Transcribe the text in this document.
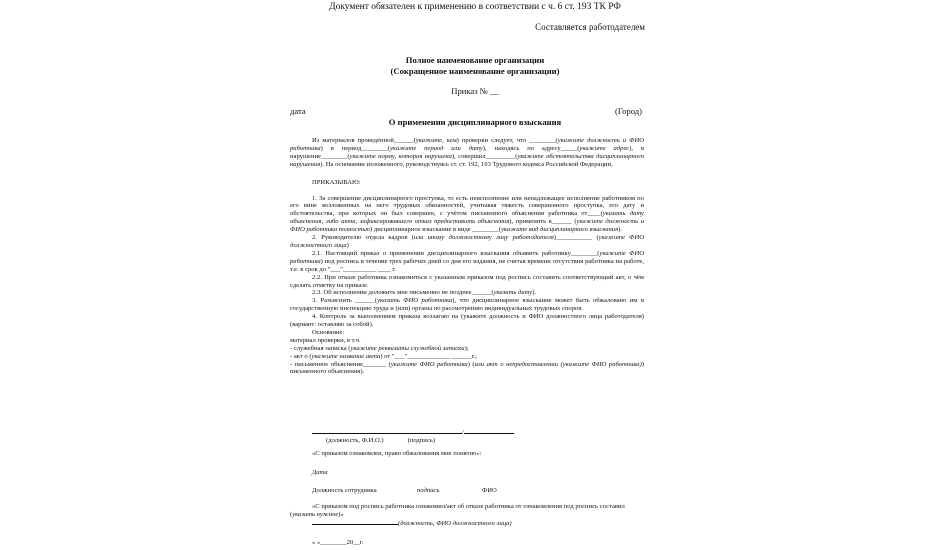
Документ обязателен к применению в соответствии с ч. 6 ст. 193 ТК РФ
Составляется работодателем
Полное наименование организации
(Сокращенное наименование организации)
Приказ № __
дата	(Город)
О применении дисциплинарного взыскания

Из материалов проведённой______(укажите, кем) проверки следует, что ________(укажите должность и ФИО работника) в период________(укажите период или дату), находясь по адресу_____(укажите адрес), в нарушение________(укажите норму, которая нарушена), совершил_________(укажите обстоятельства дисциплинарного нарушения). На основании изложенного, руководствуясь ст. ст. 192, 193 Трудового кодекса Российской Федерации,

ПРИКАЗЫВАЮ:

1. За совершение дисциплинарного проступка, то есть неисполнение или ненадлежащее исполнение работником по его вине возложенных на него трудовых обязанностей, учитывая тяжесть совершенного проступка, его дату и обстоятельства, при которых он был совершен, с учётом письменного объяснения работника от____(указать дату объяснения, либо акта, зафиксировавшего отказ предоставить объяснения), применить к______ (укажите должность и ФИО работника полностью) дисциплинарное взыскание в виде ________(укажите вид дисциплинарного взыскания).

2. Руководителю отдела кадров (или иному должностному лицу работодателя)___________ (укажите ФИО должностного лица)

2.1. Настоящий приказ о применении дисциплинарного взыскания объявить работнику________(укажите ФИО работника) под роспись в течение трех рабочих дней со дня его издания, не считая времени отсутствия работника на работе, т.е. в срок до "___"__________ ____ г.

2.2. При отказе работника ознакомиться с указанным приказом под роспись составить соответствующий акт, о чём сделать отметку на приказе.

2.3. Об исполнении доложить мне письменно не позднее______(указать дату).

3. Разъяснить ______(указать ФИО работника), что дисциплинарное взыскание может быть обжаловано им в государственную инспекцию труда и (или) органы по рассмотрению индивидуальных трудовых споров.

4. Контроль за выполнением приказа возлагаю на (укажите должность и ФИО должностного лица работодателя) (вариант: оставляю за собой).

Основание:

материал проверки, в т.ч.

- служебная записка (укажите реквизиты служебной записки);

- акт о (укажите название акта) от "___"_____________ ______г.;

- письменное объяснение_______ (укажите ФИО работника) (или акт о непредоставлении (укажите ФИО работника)) письменного объяснения).

/
(должность, Ф.И.О.)	(подпись)
«С приказом ознакомлен, право обжалования мне понятно»:
Дата
Должность сотрудника	подпись	ФИО

«С приказом под роспись работника ознакомил/акт об отказе работника от ознакомления под роспись составил (указать нужное)»

(должность, ФИО должностного лица)

« »________20__г.
